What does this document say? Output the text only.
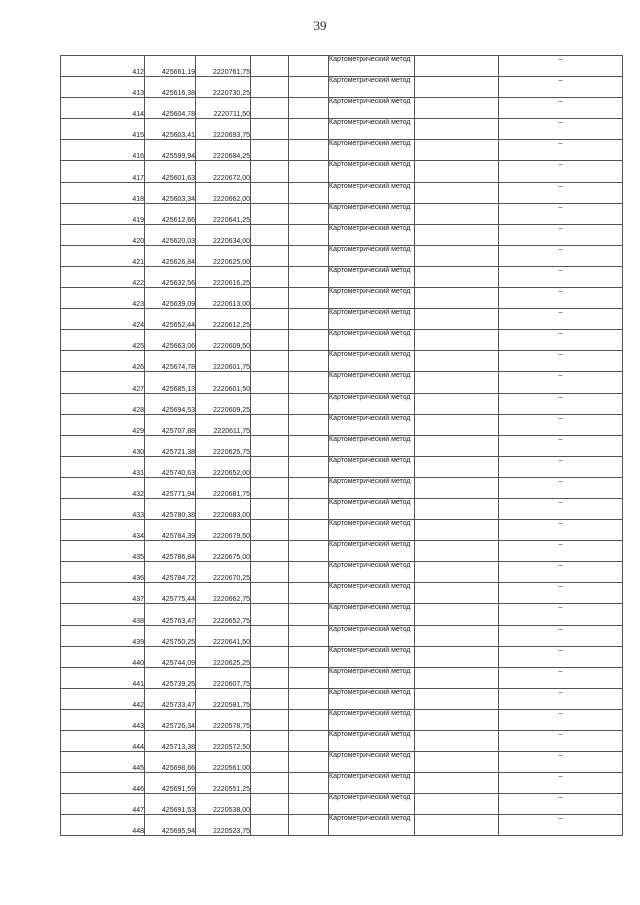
39
412	425661,19	2220761,75			Картометрический метод		–
413	425616,38	2220730,25			Картометрический метод		–
414	425604,78	2220711,50			Картометрический метод		–
415	425603,41	2220693,75			Картометрический метод		–
416	425599,94	2220684,25			Картометрический метод		–
417	425601,63	2220672,00			Картометрический метод		–
418	425603,34	2220662,00			Картометрический метод		–
419	425612,66	2220641,25			Картометрический метод		–
420	425620,03	2220634,00			Картометрический метод		–
421	425626,84	2220625,00			Картометрический метод		–
422	425632,56	2220616,25			Картометрический метод		–
423	425639,09	2220613,00			Картометрический метод		–
424	425652,44	2220612,25			Картометрический метод		–
425	425663,06	2220609,50			Картометрический метод		–
426	425674,78	2220601,75			Картометрический метод		–
427	425685,13	2220601,50			Картометрический метод		–
428	425694,53	2220609,25			Картометрический метод		–
429	425707,88	2220611,75			Картометрический метод		–
430	425721,38	2220625,75			Картометрический метод		–
431	425740,63	2220652,00			Картометрический метод		–
432	425771,94	2220681,75			Картометрический метод		–
433	425780,38	2220683,00			Картометрический метод		–
434	425784,39	2220679,50			Картометрический метод		–
435	425786,84	2220675,00			Картометрический метод		–
436	425784,72	2220670,25			Картометрический метод		–
437	425775,44	2220662,75			Картометрический метод		–
438	425763,47	2220652,75			Картометрический метод		–
439	425750,25	2220641,50			Картометрический метод		–
440	425744,09	2220625,25			Картометрический метод		–
441	425739,25	2220607,75			Картометрический метод		–
442	425733,47	2220581,75			Картометрический метод		–
443	425726,34	2220578,75			Картометрический метод		–
444	425713,38	2220572,50			Картометрический метод		–
445	425698,66	2220561,00			Картометрический метод		–
446	425691,59	2220551,25			Картометрический метод		–
447	425691,53	2220538,00			Картометрический метод		–
448	425695,94	2220523,75			Картометрический метод		–
